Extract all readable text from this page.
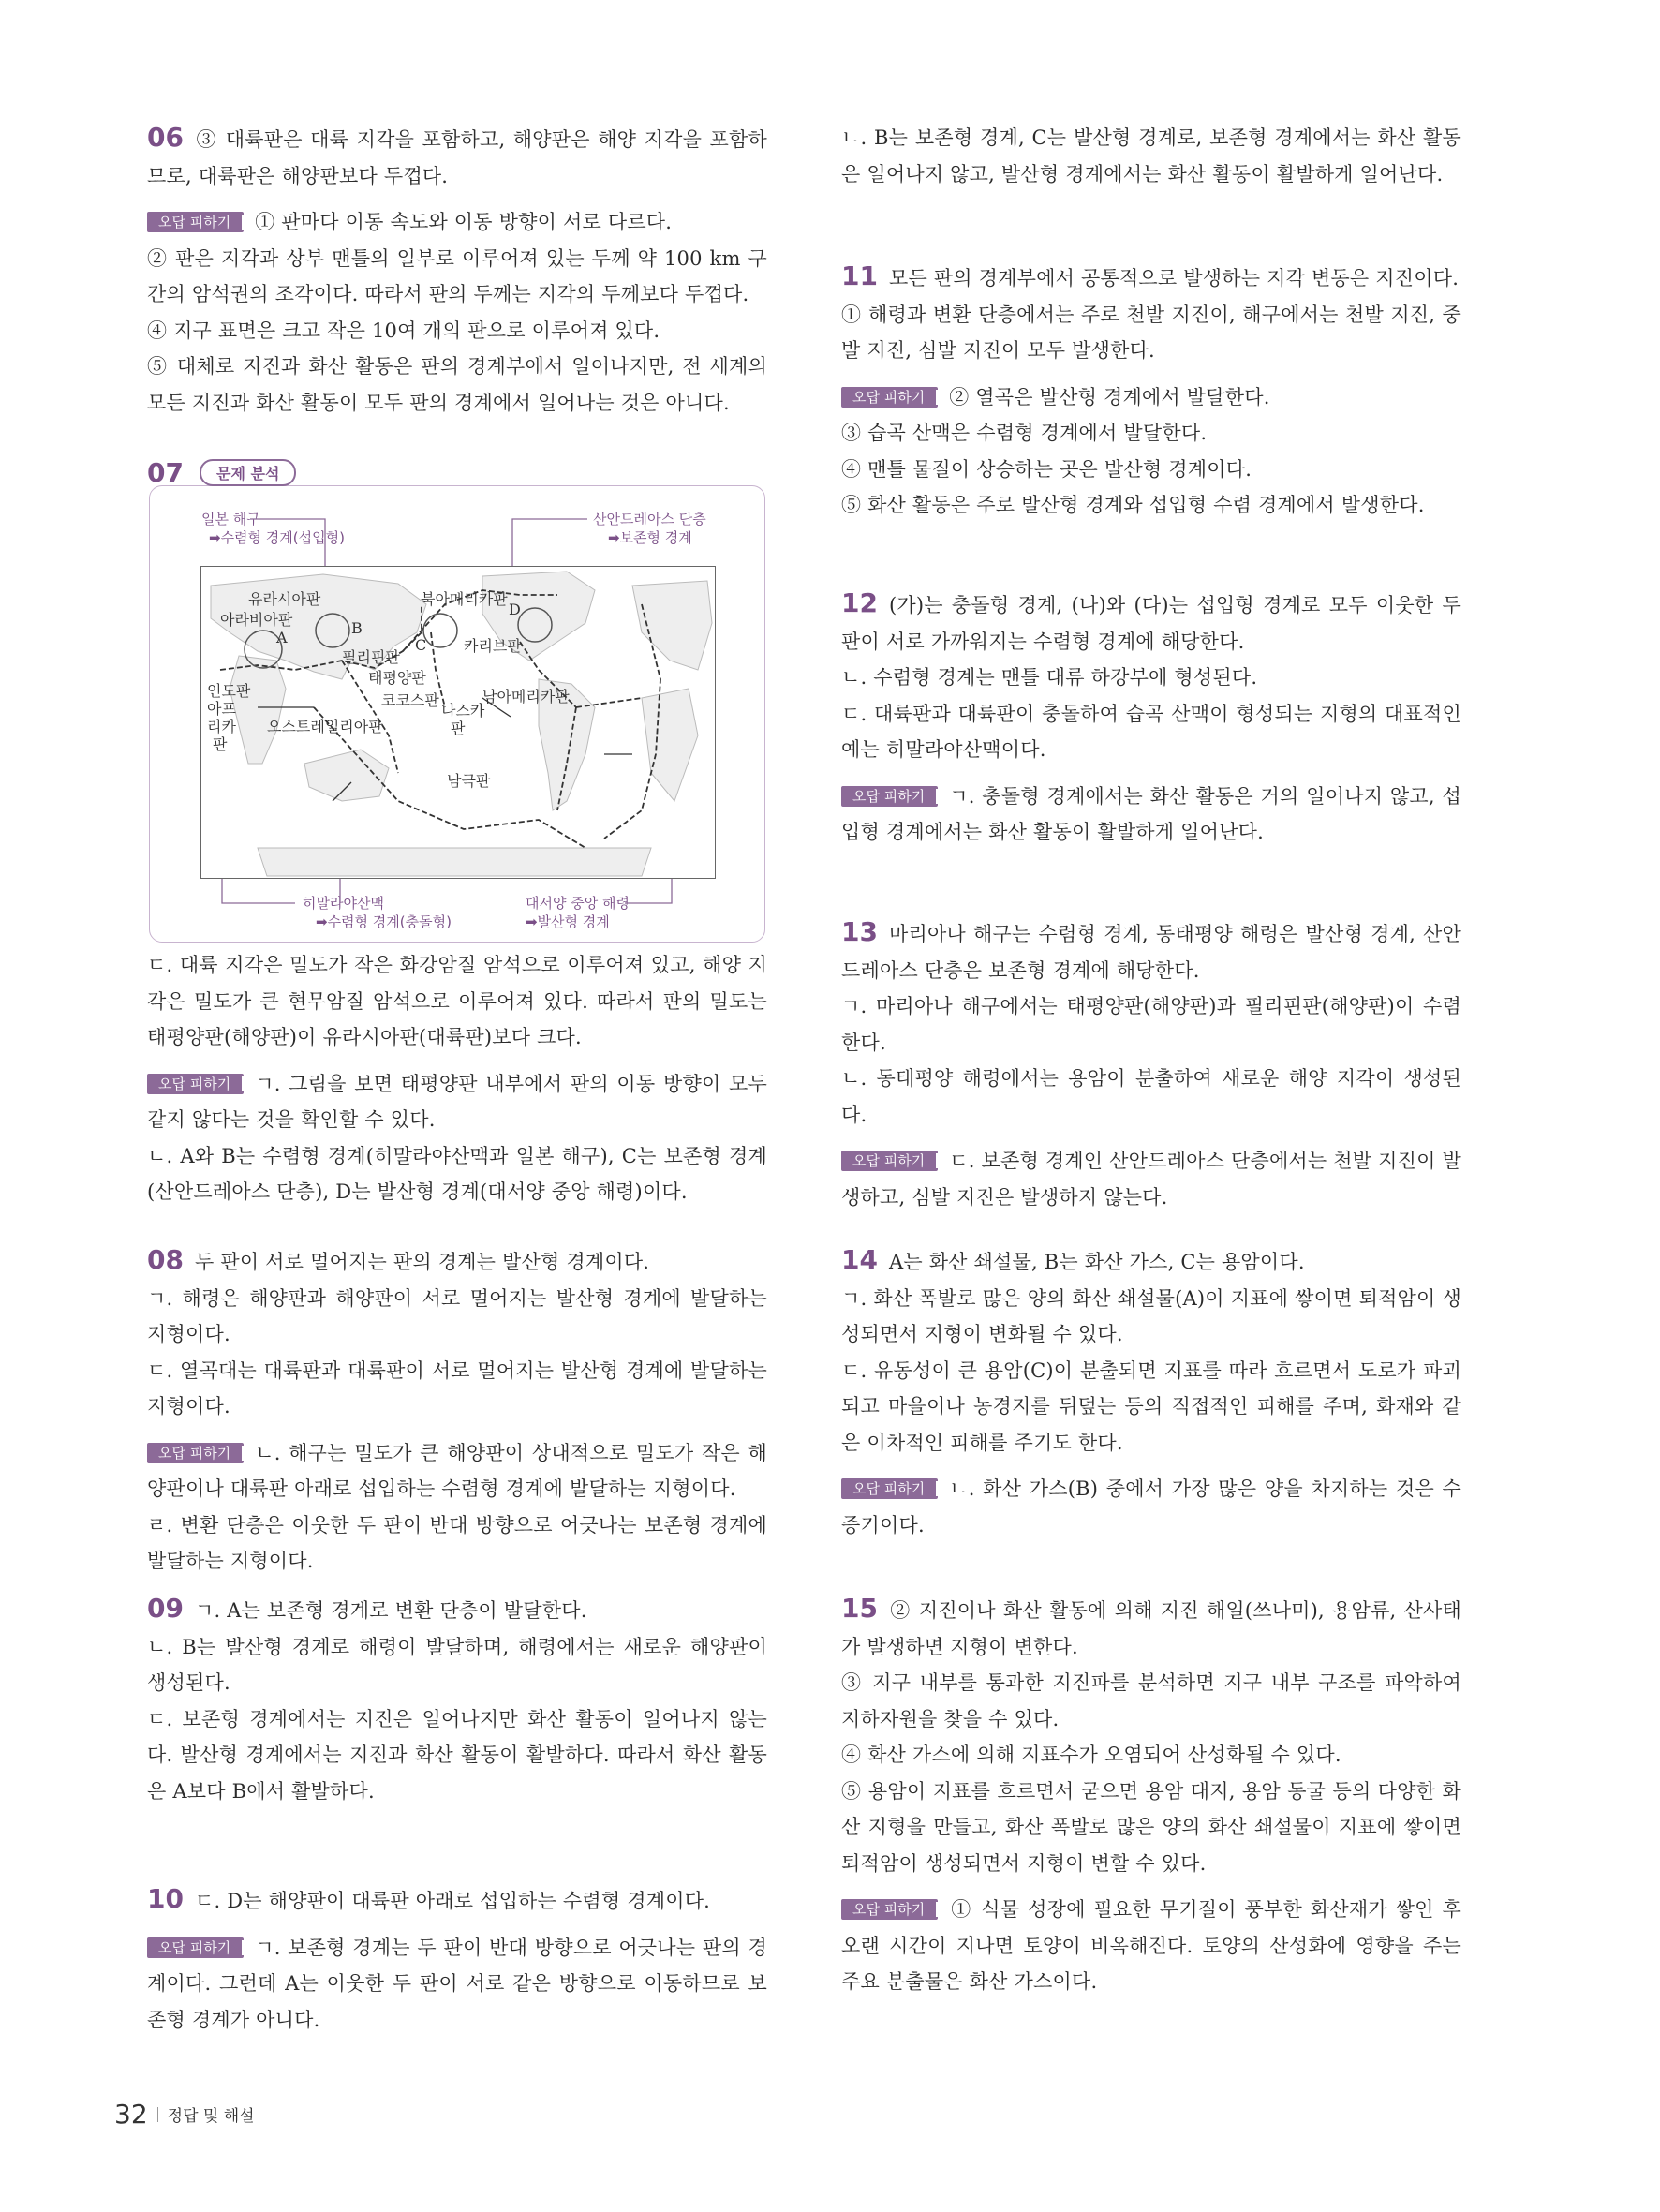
06 ③ 대륙판은 대륙 지각을 포함하고, 해양판은 해양 지각을 포함하므로, 대륙판은 해양판보다 두껍다.

오답 피하기 ① 판마다 이동 속도와 이동 방향이 서로 다르다.

② 판은 지각과 상부 맨틀의 일부로 이루어져 있는 두께 약 100 km 구간의 암석권의 조각이다. 따라서 판의 두께는 지각의 두께보다 두껍다.

④ 지구 표면은 크고 작은 10여 개의 판으로 이루어져 있다.

⑤ 대체로 지진과 화산 활동은 판의 경계부에서 일어나지만, 전 세계의 모든 지진과 화산 활동이 모두 판의 경계에서 일어나는 것은 아니다.

07	문제 분석
일본 해구
➡수렴형 경계(섭입형)
산안드레아스 단층
➡보존형 경계
히말라야산맥
➡수렴형 경계(충돌형)
대서양 중앙 해령
➡발산형 경계
유라시아판
아라비아판
북아메리카판
카리브판
필리핀판
태평양판
코코스판
인도판
아프
리카
판
오스트레일리아판
나스카
판
남아메리카판
남극판
A
B
C
D

ㄷ. 대륙 지각은 밀도가 작은 화강암질 암석으로 이루어져 있고, 해양 지각은 밀도가 큰 현무암질 암석으로 이루어져 있다. 따라서 판의 밀도는 태평양판(해양판)이 유라시아판(대륙판)보다 크다.

오답 피하기 ㄱ. 그림을 보면 태평양판 내부에서 판의 이동 방향이 모두 같지 않다는 것을 확인할 수 있다.

ㄴ. A와 B는 수렴형 경계(히말라야산맥과 일본 해구), C는 보존형 경계(산안드레아스 단층), D는 발산형 경계(대서양 중앙 해령)이다.

08 두 판이 서로 멀어지는 판의 경계는 발산형 경계이다.

ㄱ. 해령은 해양판과 해양판이 서로 멀어지는 발산형 경계에 발달하는 지형이다.

ㄷ. 열곡대는 대륙판과 대륙판이 서로 멀어지는 발산형 경계에 발달하는 지형이다.

오답 피하기 ㄴ. 해구는 밀도가 큰 해양판이 상대적으로 밀도가 작은 해양판이나 대륙판 아래로 섭입하는 수렴형 경계에 발달하는 지형이다.

ㄹ. 변환 단층은 이웃한 두 판이 반대 방향으로 어긋나는 보존형 경계에 발달하는 지형이다.

09 ㄱ. A는 보존형 경계로 변환 단층이 발달한다.

ㄴ. B는 발산형 경계로 해령이 발달하며, 해령에서는 새로운 해양판이 생성된다.

ㄷ. 보존형 경계에서는 지진은 일어나지만 화산 활동이 일어나지 않는다. 발산형 경계에서는 지진과 화산 활동이 활발하다. 따라서 화산 활동은 A보다 B에서 활발하다.

10 ㄷ. D는 해양판이 대륙판 아래로 섭입하는 수렴형 경계이다.

오답 피하기 ㄱ. 보존형 경계는 두 판이 반대 방향으로 어긋나는 판의 경계이다. 그런데 A는 이웃한 두 판이 서로 같은 방향으로 이동하므로 보존형 경계가 아니다.

ㄴ. B는 보존형 경계, C는 발산형 경계로, 보존형 경계에서는 화산 활동은 일어나지 않고, 발산형 경계에서는 화산 활동이 활발하게 일어난다.

11 모든 판의 경계부에서 공통적으로 발생하는 지각 변동은 지진이다.

① 해령과 변환 단층에서는 주로 천발 지진이, 해구에서는 천발 지진, 중발 지진, 심발 지진이 모두 발생한다.

오답 피하기 ② 열곡은 발산형 경계에서 발달한다.

③ 습곡 산맥은 수렴형 경계에서 발달한다.

④ 맨틀 물질이 상승하는 곳은 발산형 경계이다.

⑤ 화산 활동은 주로 발산형 경계와 섭입형 수렴 경계에서 발생한다.

12 (가)는 충돌형 경계, (나)와 (다)는 섭입형 경계로 모두 이웃한 두 판이 서로 가까워지는 수렴형 경계에 해당한다.

ㄴ. 수렴형 경계는 맨틀 대류 하강부에 형성된다.

ㄷ. 대륙판과 대륙판이 충돌하여 습곡 산맥이 형성되는 지형의 대표적인 예는 히말라야산맥이다.

오답 피하기 ㄱ. 충돌형 경계에서는 화산 활동은 거의 일어나지 않고, 섭입형 경계에서는 화산 활동이 활발하게 일어난다.

13 마리아나 해구는 수렴형 경계, 동태평양 해령은 발산형 경계, 산안드레아스 단층은 보존형 경계에 해당한다.

ㄱ. 마리아나 해구에서는 태평양판(해양판)과 필리핀판(해양판)이 수렴한다.

ㄴ. 동태평양 해령에서는 용암이 분출하여 새로운 해양 지각이 생성된다.

오답 피하기 ㄷ. 보존형 경계인 산안드레아스 단층에서는 천발 지진이 발생하고, 심발 지진은 발생하지 않는다.

14 A는 화산 쇄설물, B는 화산 가스, C는 용암이다.

ㄱ. 화산 폭발로 많은 양의 화산 쇄설물(A)이 지표에 쌓이면 퇴적암이 생성되면서 지형이 변화될 수 있다.

ㄷ. 유동성이 큰 용암(C)이 분출되면 지표를 따라 흐르면서 도로가 파괴되고 마을이나 농경지를 뒤덮는 등의 직접적인 피해를 주며, 화재와 같은 이차적인 피해를 주기도 한다.

오답 피하기 ㄴ. 화산 가스(B) 중에서 가장 많은 양을 차지하는 것은 수증기이다.

15 ② 지진이나 화산 활동에 의해 지진 해일(쓰나미), 용암류, 산사태가 발생하면 지형이 변한다.

③ 지구 내부를 통과한 지진파를 분석하면 지구 내부 구조를 파악하여 지하자원을 찾을 수 있다.

④ 화산 가스에 의해 지표수가 오염되어 산성화될 수 있다.

⑤ 용암이 지표를 흐르면서 굳으면 용암 대지, 용암 동굴 등의 다양한 화산 지형을 만들고, 화산 폭발로 많은 양의 화산 쇄설물이 지표에 쌓이면 퇴적암이 생성되면서 지형이 변할 수 있다.

오답 피하기 ① 식물 성장에 필요한 무기질이 풍부한 화산재가 쌓인 후 오랜 시간이 지나면 토양이 비옥해진다. 토양의 산성화에 영향을 주는 주요 분출물은 화산 가스이다.

32 정답 및 해설
